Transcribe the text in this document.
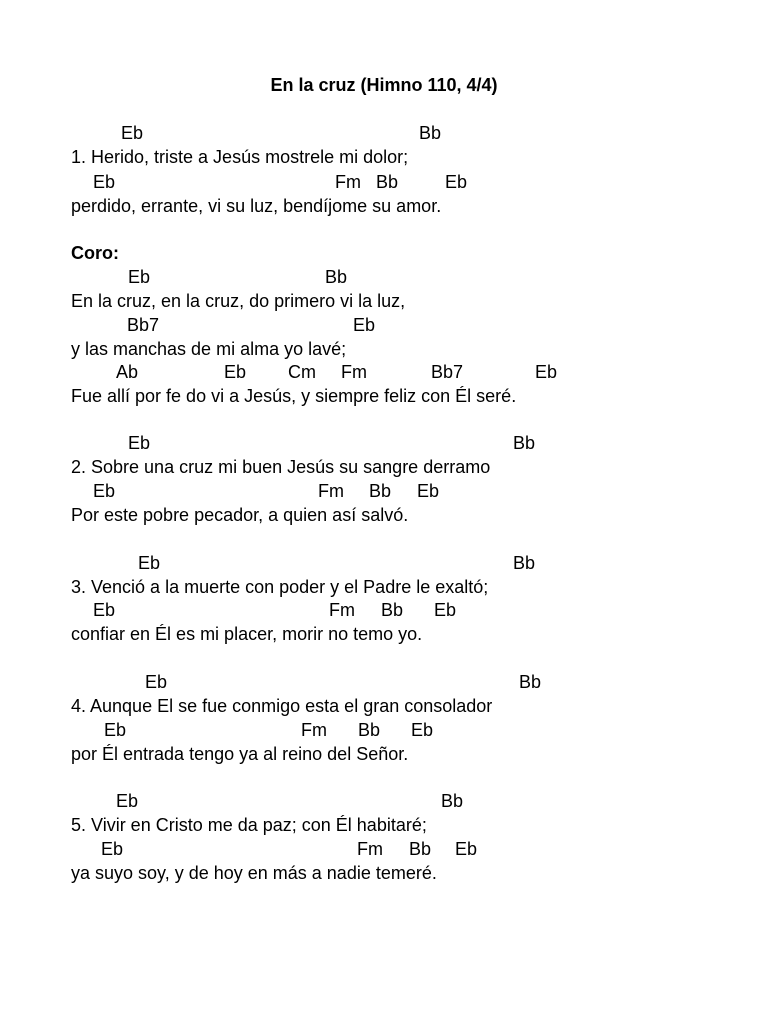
En la cruz (Himno 110, 4/4)
Eb	Bb
1. Herido, triste a Jesús mostrele mi dolor;
Eb	Fm Bb	Eb
perdido, errante, vi su luz, bendíjome su amor.
Coro:
Eb	Bb
En la cruz, en la cruz, do primero vi la luz,
Bb7	Eb
y las manchas de mi alma yo lavé;
Ab	Eb Cm Fm	Bb7	Eb
Fue allí por fe do vi a Jesús, y siempre feliz con Él seré.
Eb	Bb
2. Sobre una cruz mi buen Jesús su sangre derramo
Eb	Fm Bb Eb
Por este pobre pecador, a quien así salvó.
Eb	Bb
3. Venció a la muerte con poder y el Padre le exaltó;
Eb	Fm Bb Eb
confiar en Él es mi placer, morir no temo yo.
Eb	Bb
4. Aunque El se fue conmigo esta el gran consolador
Eb	Fm Bb Eb
por Él entrada tengo ya al reino del Señor.
Eb	Bb
5. Vivir en Cristo me da paz; con Él habitaré;
Eb	Fm Bb Eb
ya suyo soy, y de hoy en más a nadie temeré.
